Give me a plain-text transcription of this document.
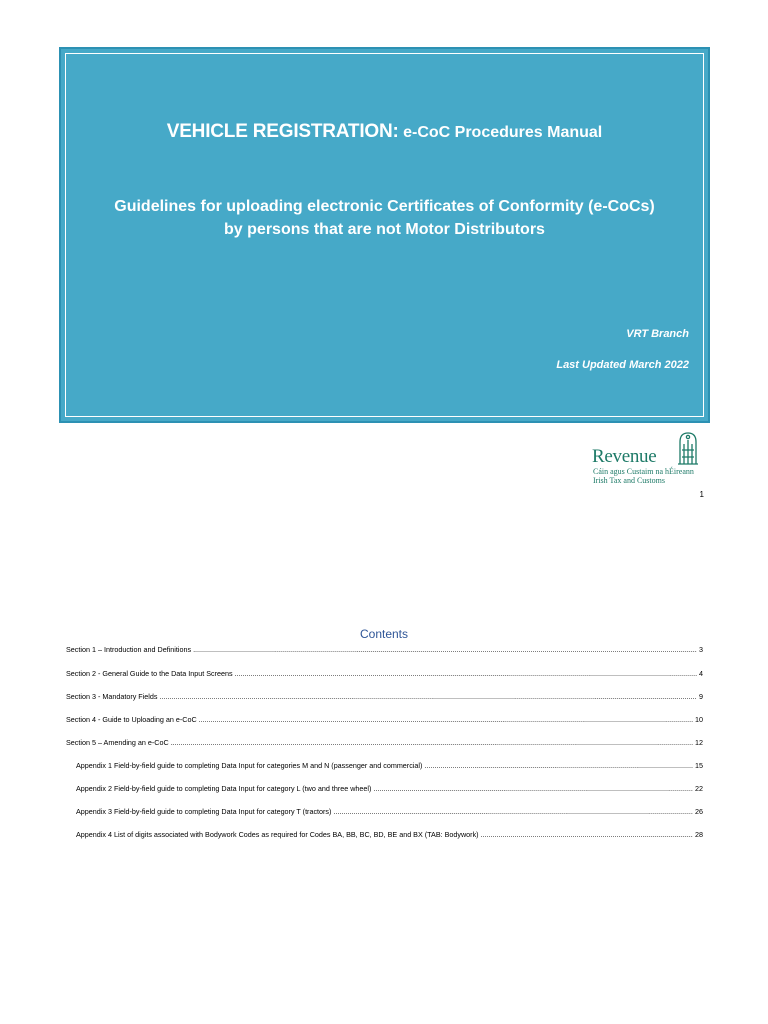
VEHICLE REGISTRATION: e-CoC Procedures Manual
Guidelines for uploading electronic Certificates of Conformity (e-CoCs)
by persons that are not Motor Distributors
VRT Branch
Last Updated March 2022
Revenue
Cáin agus Custaim na hÉireann
Irish Tax and Customs
1
Contents
Section 1 – Introduction and Definitions .....	3
Section 2 - General Guide to the Data Input Screens .....	4
Section 3 - Mandatory Fields .....	9
Section 4 - Guide to Uploading an e-CoC .....	10
Section 5 – Amending an e-CoC .....	12
Appendix 1 Field-by-field guide to completing Data Input for categories M and N (passenger and commercial) .....	15
Appendix 2 Field-by-field guide to completing Data Input for category L (two and three wheel) .....	22
Appendix 3 Field-by-field guide to completing Data Input for category T (tractors) .....	26
Appendix 4 List of digits associated with Bodywork Codes as required for Codes BA, BB, BC, BD, BE and BX (TAB: Bodywork) .....	28
